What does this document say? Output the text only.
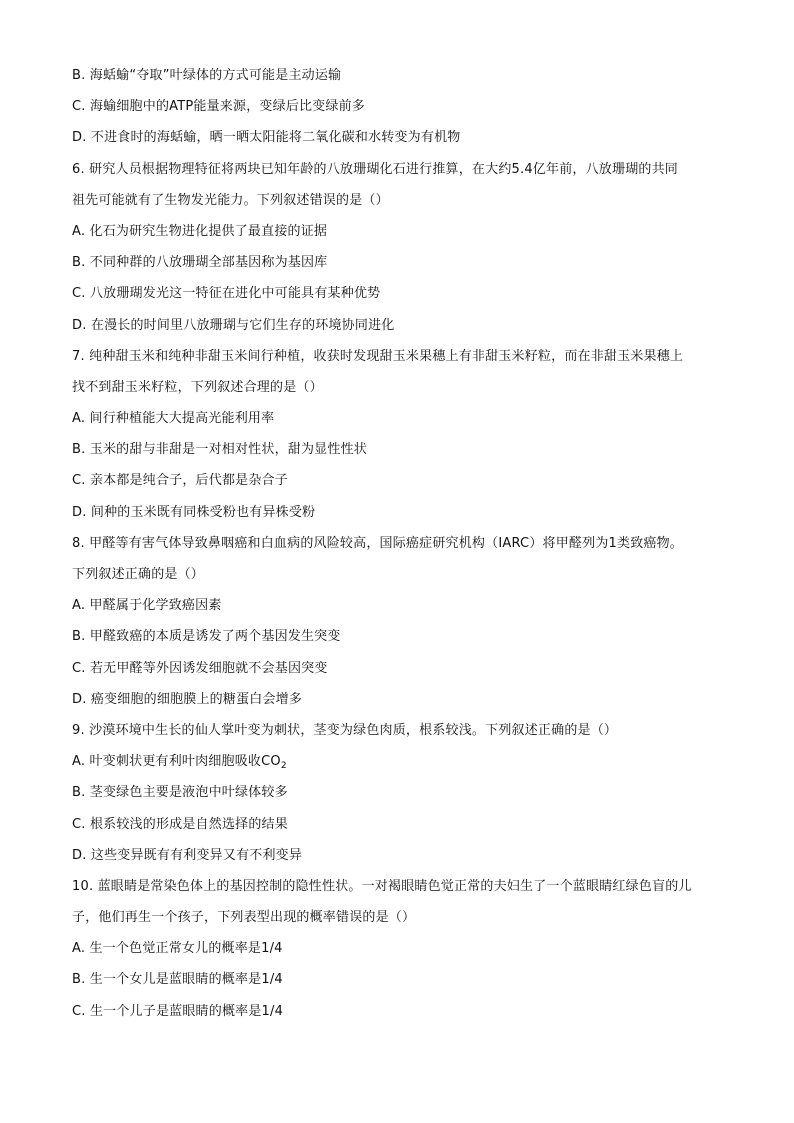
B. 海蛞蝓“夺取”叶绿体的方式可能是主动运输
C. 海蝓细胞中的ATP能量来源，变绿后比变绿前多
D. 不进食时的海蛞蝓，晒一晒太阳能将二氧化碳和水转变为有机物
6. 研究人员根据物理特征将两块已知年龄的八放珊瑚化石进行推算，在大约5.4亿年前，八放珊瑚的共同
祖先可能就有了生物发光能力。下列叙述错误的是（）
A. 化石为研究生物进化提供了最直接的证据
B. 不同种群的八放珊瑚全部基因称为基因库
C. 八放珊瑚发光这一特征在进化中可能具有某种优势
D. 在漫长的时间里八放珊瑚与它们生存的环境协同进化
7. 纯种甜玉米和纯种非甜玉米间行种植，收获时发现甜玉米果穗上有非甜玉米籽粒，而在非甜玉米果穗上
找不到甜玉米籽粒，下列叙述合理的是（）
A. 间行种植能大大提高光能利用率
B. 玉米的甜与非甜是一对相对性状，甜为显性性状
C. 亲本都是纯合子，后代都是杂合子
D. 间种的玉米既有同株受粉也有异株受粉
8. 甲醛等有害气体导致鼻咽癌和白血病的风险较高，国际癌症研究机构（IARC）将甲醛列为1类致癌物。
下列叙述正确的是（）
A. 甲醛属于化学致癌因素
B. 甲醛致癌的本质是诱发了两个基因发生突变
C. 若无甲醛等外因诱发细胞就不会基因突变
D. 癌变细胞的细胞膜上的糖蛋白会增多
9. 沙漠环境中生长的仙人掌叶变为刺状，茎变为绿色肉质，根系较浅。下列叙述正确的是（）
A. 叶变刺状更有利叶肉细胞吸收$CO_2$
B. 茎变绿色主要是液泡中叶绿体较多
C. 根系较浅的形成是自然选择的结果
D. 这些变异既有有利变异又有不利变异
10. 蓝眼睛是常染色体上的基因控制的隐性性状。一对褐眼睛色觉正常的夫妇生了一个蓝眼睛红绿色盲的儿
子，他们再生一个孩子，下列表型出现的概率错误的是（）
A. 生一个色觉正常女儿的概率是1/4
B. 生一个女儿是蓝眼睛的概率是1/4
C. 生一个儿子是蓝眼睛的概率是1/4
